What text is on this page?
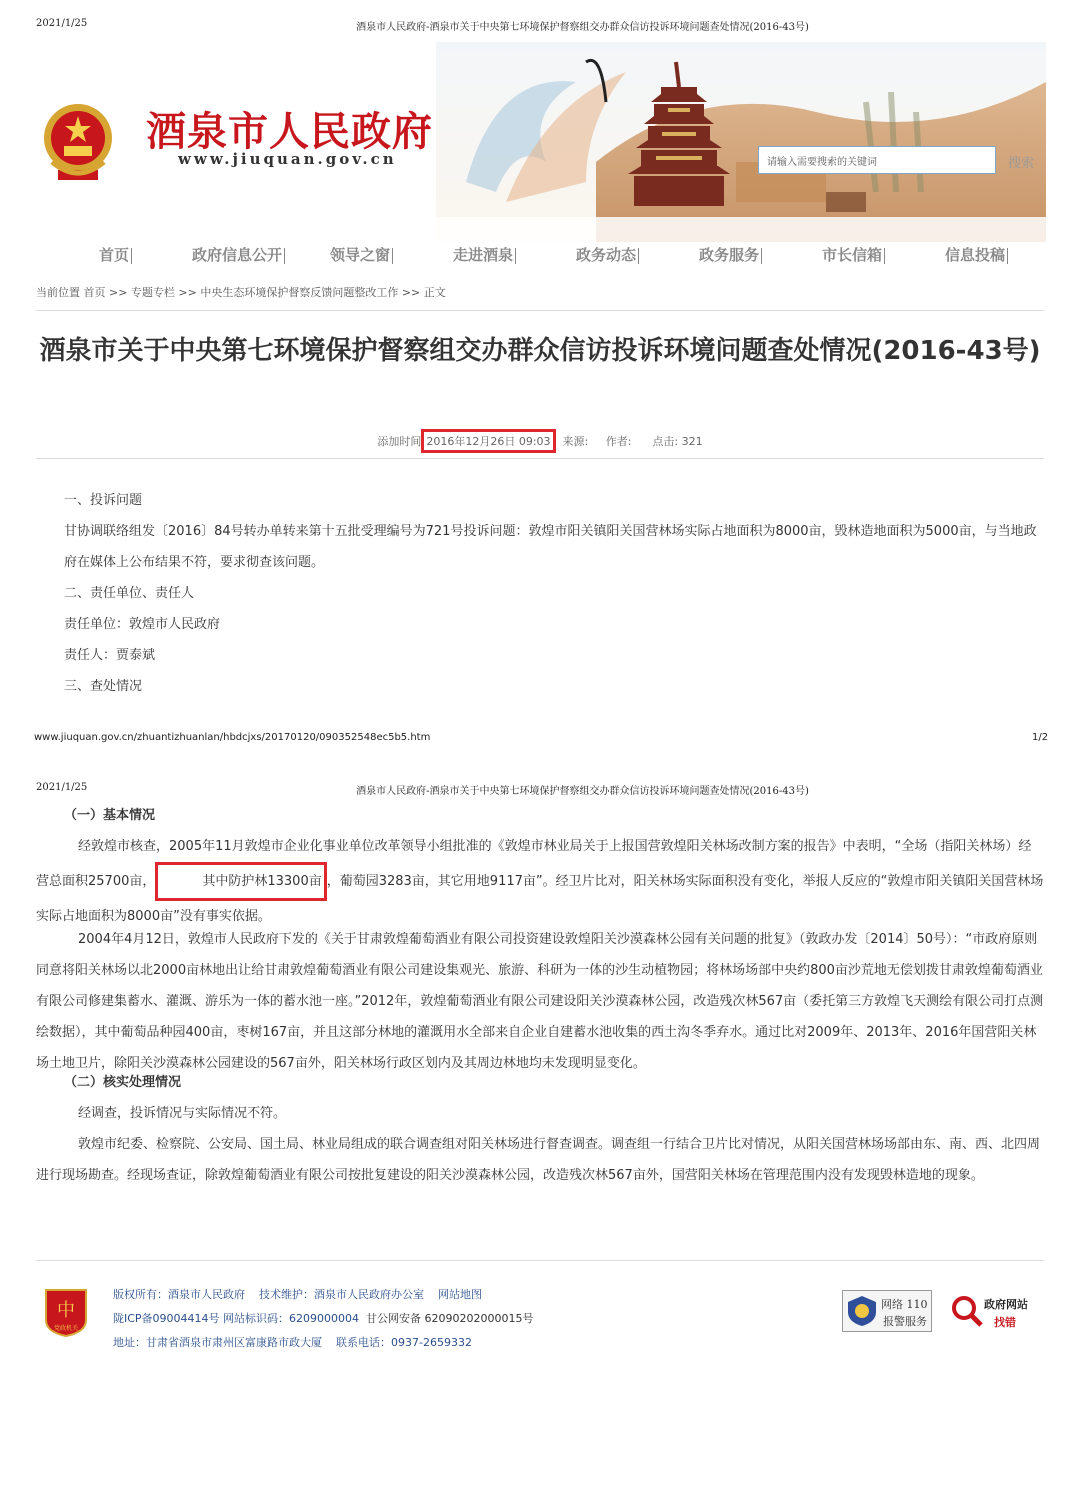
2021/1/25	酒泉市人民政府-酒泉市关于中央第七环境保护督察组交办群众信访投诉环境问题查处情况(2016-43号)
酒泉市人民政府
www.jiuquan.gov.cn	请输入需要搜索的关键词	搜索
首页	政府信息公开	领导之窗	走进酒泉	政务动态	政务服务	市长信箱	信息投稿
当前位置 首页 >> 专题专栏 >> 中央生态环境保护督察反馈问题整改工作 >> 正文
酒泉市关于中央第七环境保护督察组交办群众信访投诉环境问题查处情况(2016-43号)
添加时间 2016年12月26日 09:03 来源: 作者: 点击: 321
一、投诉问题
甘协调联络组发〔2016〕84号转办单转来第十五批受理编号为721号投诉问题：敦煌市阳关镇阳关国营林场实际占地面积为8000亩，毁林造地面积为5000亩，与当地政府在媒体上公布结果不符，要求彻查该问题。
二、责任单位、责任人
责任单位：敦煌市人民政府
责任人：贾泰斌
三、查处情况
www.jiuquan.gov.cn/zhuantizhuanlan/hbdcjxs/20170120/090352548ec5b5.htm	1/2
2021/1/25	酒泉市人民政府-酒泉市关于中央第七环境保护督察组交办群众信访投诉环境问题查处情况(2016-43号)
（一）基本情况
经敦煌市核查，2005年11月敦煌市企业化事业单位改革领导小组批准的《敦煌市林业局关于上报国营敦煌阳关林场改制方案的报告》中表明，“全场（指阳关林场）经营总面积25700亩，	其中防护林13300亩 ，葡萄园3283亩，其它用地9117亩”。经卫片比对，阳关林场实际面积没有变化，举报人反应的“敦煌市阳关镇阳关国营林场实际占地面积为8000亩”没有事实依据。
2004年4月12日，敦煌市人民政府下发的《关于甘肃敦煌葡萄酒业有限公司投资建设敦煌阳关沙漠森林公园有关问题的批复》（敦政办发〔2014〕50号）：“市政府原则同意将阳关林场以北2000亩林地出让给甘肃敦煌葡萄酒业有限公司建设集观光、旅游、科研为一体的沙生动植物园；将林场场部中央约800亩沙荒地无偿划拨甘肃敦煌葡萄酒业有限公司修建集蓄水、灌溉、游乐为一体的蓄水池一座。”2012年，敦煌葡萄酒业有限公司建设阳关沙漠森林公园，改造残次林567亩（委托第三方敦煌飞天测绘有限公司打点测绘数据），其中葡萄品种园400亩，枣树167亩，并且这部分林地的灌溉用水全部来自企业自建蓄水池收集的西土沟冬季弃水。通过比对2009年、2013年、2016年国营阳关林场土地卫片，除阳关沙漠森林公园建设的567亩外，阳关林场行政区划内及其周边林地均未发现明显变化。
（二）核实处理情况
经调查，投诉情况与实际情况不符。
敦煌市纪委、检察院、公安局、国土局、林业局组成的联合调查组对阳关林场进行督查调查。调查组一行结合卫片比对情况，从阳关国营林场场部由东、南、西、北四周进行现场勘查。经现场查证，除敦煌葡萄酒业有限公司按批复建设的阳关沙漠森林公园，改造残次林567亩外，国营阳关林场在管理范围内没有发现毁林造地的现象。
中
党政机关
版权所有：酒泉市人民政府 技术维护：酒泉市人民政府办公室 网站地图
陇ICP备09004414号 网站标识码：6209000004 甘公网安备 62090202000015号
地址：甘肃省酒泉市肃州区富康路市政大厦 联系电话：0937-2659332
网络 110
报警服务
政府网站
找错
